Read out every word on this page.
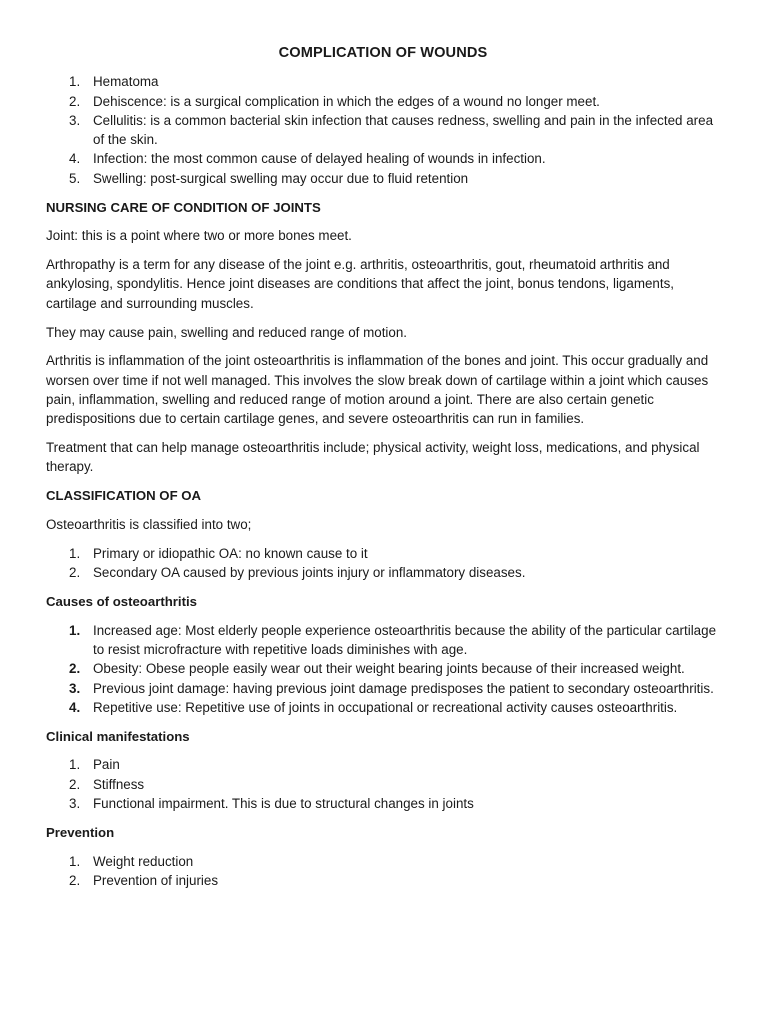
COMPLICATION OF WOUNDS
1. Hematoma
2. Dehiscence: is a surgical complication in which the edges of a wound no longer meet.
3. Cellulitis: is a common bacterial skin infection that causes redness, swelling and pain in the infected area of the skin.
4. Infection: the most common cause of delayed healing of wounds in infection.
5. Swelling: post-surgical swelling may occur due to fluid retention
NURSING CARE OF CONDITION OF JOINTS

Joint: this is a point where two or more bones meet.

Arthropathy is a term for any disease of the joint e.g. arthritis, osteoarthritis, gout, rheumatoid arthritis and ankylosing, spondylitis. Hence joint diseases are conditions that affect the joint, bonus tendons, ligaments, cartilage and surrounding muscles.

They may cause pain, swelling and reduced range of motion.

Arthritis is inflammation of the joint osteoarthritis is inflammation of the bones and joint. This occur gradually and worsen over time if not well managed. This involves the slow break down of cartilage within a joint which causes pain, inflammation, swelling and reduced range of motion around a joint. There are also certain genetic predispositions due to certain cartilage genes, and severe osteoarthritis can run in families.

Treatment that can help manage osteoarthritis include; physical activity, weight loss, medications, and physical therapy.

CLASSIFICATION OF OA

Osteoarthritis is classified into two;

1. Primary or idiopathic OA: no known cause to it
2. Secondary OA caused by previous joints injury or inflammatory diseases.
Causes of osteoarthritis
1. Increased age: Most elderly people experience osteoarthritis because the ability of the particular cartilage to resist microfracture with repetitive loads diminishes with age.
2. Obesity: Obese people easily wear out their weight bearing joints because of their increased weight.
3. Previous joint damage: having previous joint damage predisposes the patient to secondary osteoarthritis.
4. Repetitive use: Repetitive use of joints in occupational or recreational activity causes osteoarthritis.
Clinical manifestations
1. Pain
2. Stiffness
3. Functional impairment. This is due to structural changes in joints
Prevention
1. Weight reduction
2. Prevention of injuries
